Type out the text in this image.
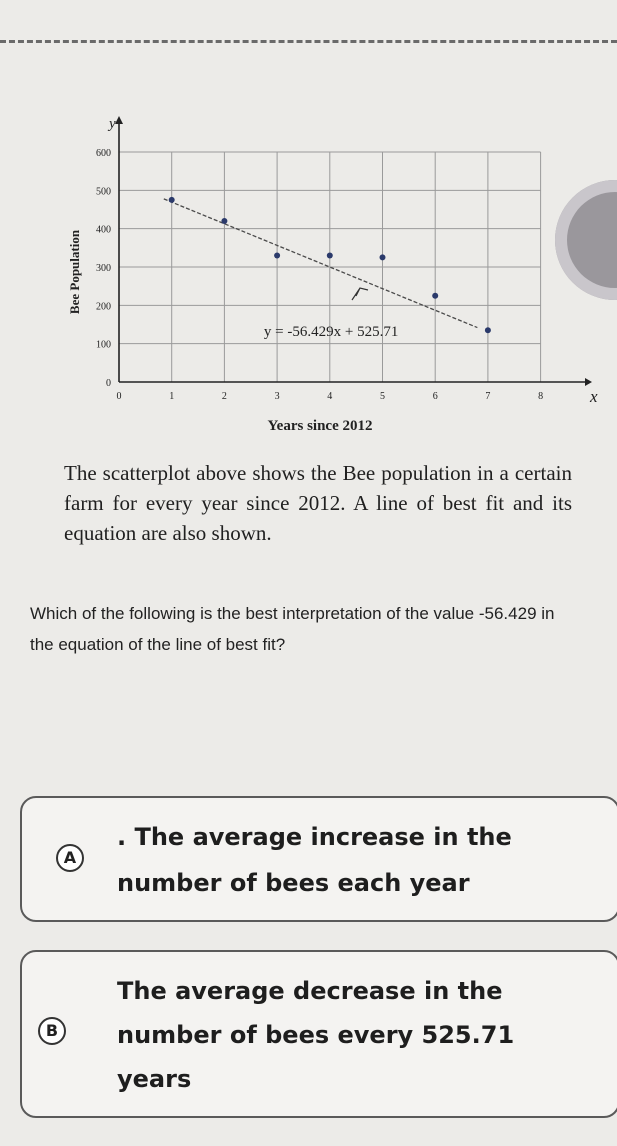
0	1	2	3	4	5	6	7	8
0
100
200
300
400
500
600
y = -56.429x + 525.71
y
x
Years since 2012
Bee Population
The scatterplot above shows the Bee population in a certain farm for every year since 2012. A line of best fit and its equation are also shown.
Which of the following is the best interpretation of the value -56.429 in the equation of the line of best fit?
A
. The average increase in the
number of bees each year
B
The average decrease in the
number of bees every 525.71
years
